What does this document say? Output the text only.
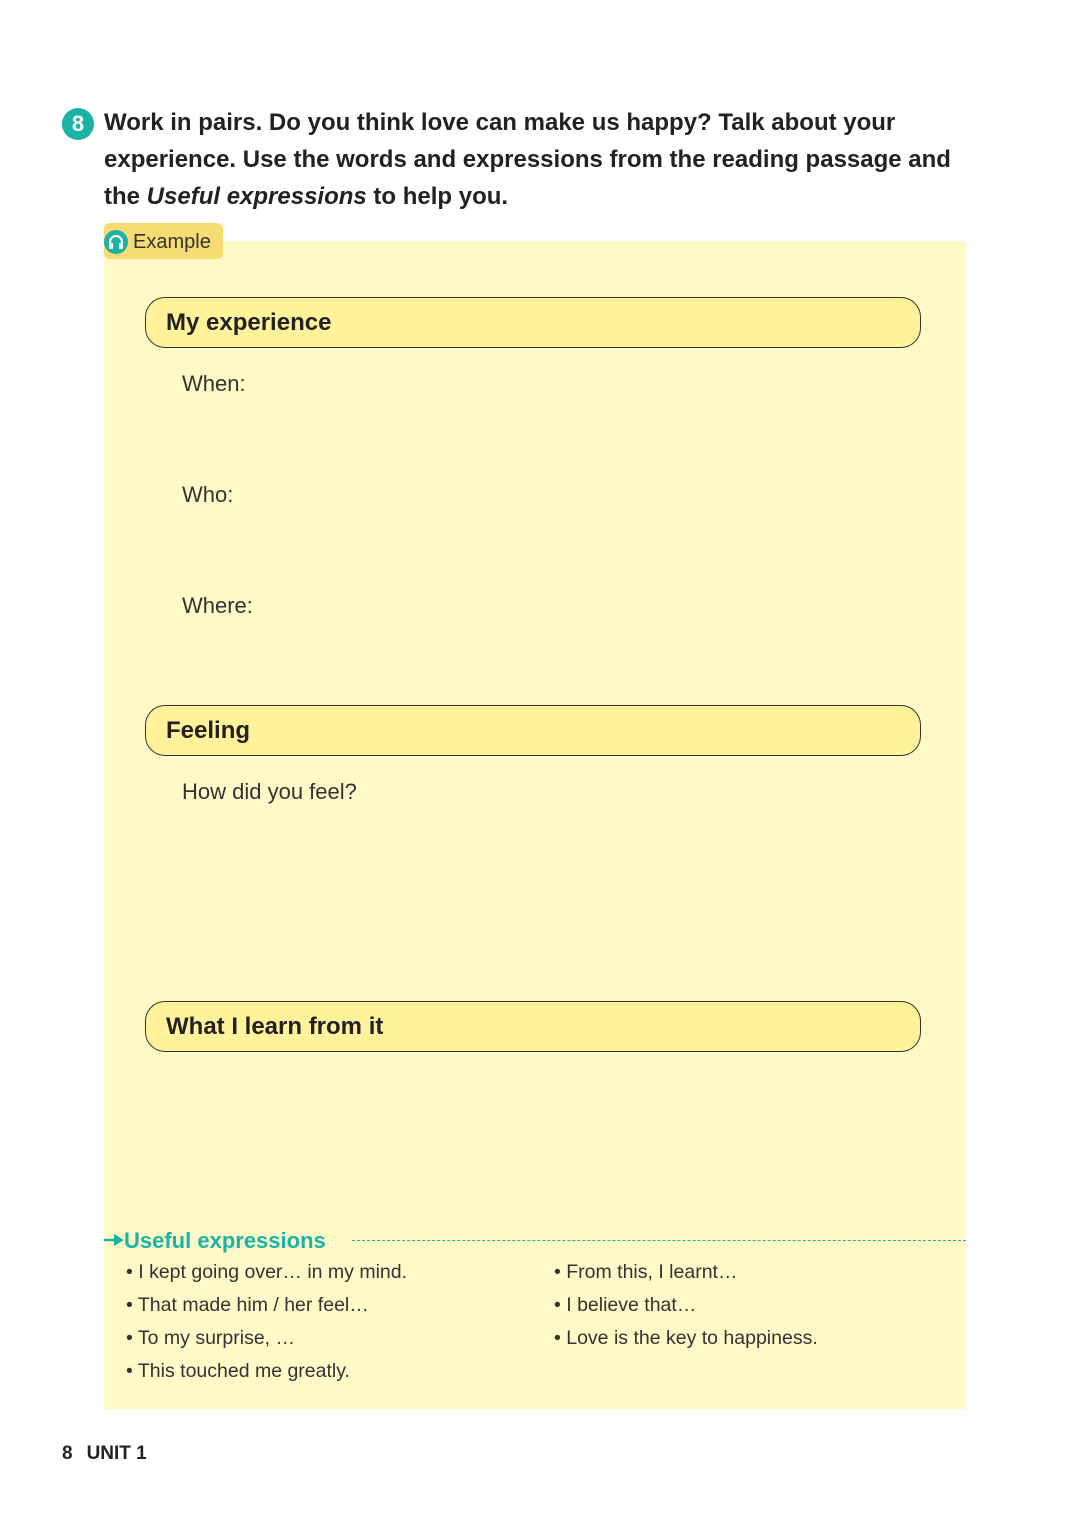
8 Work in pairs. Do you think love can make us happy? Talk about your
experience. Use the words and expressions from the reading passage and
the Useful expressions to help you.
Example
My experience
When:
Who:
Where:
Feeling
How did you feel?
What I learn from it
Useful expressions
• I kept going over… in my mind.
• That made him / her feel…
• To my surprise, …
• This touched me greatly.
• From this, I learnt…
• I believe that…
• Love is the key to happiness.
8 UNIT 1
